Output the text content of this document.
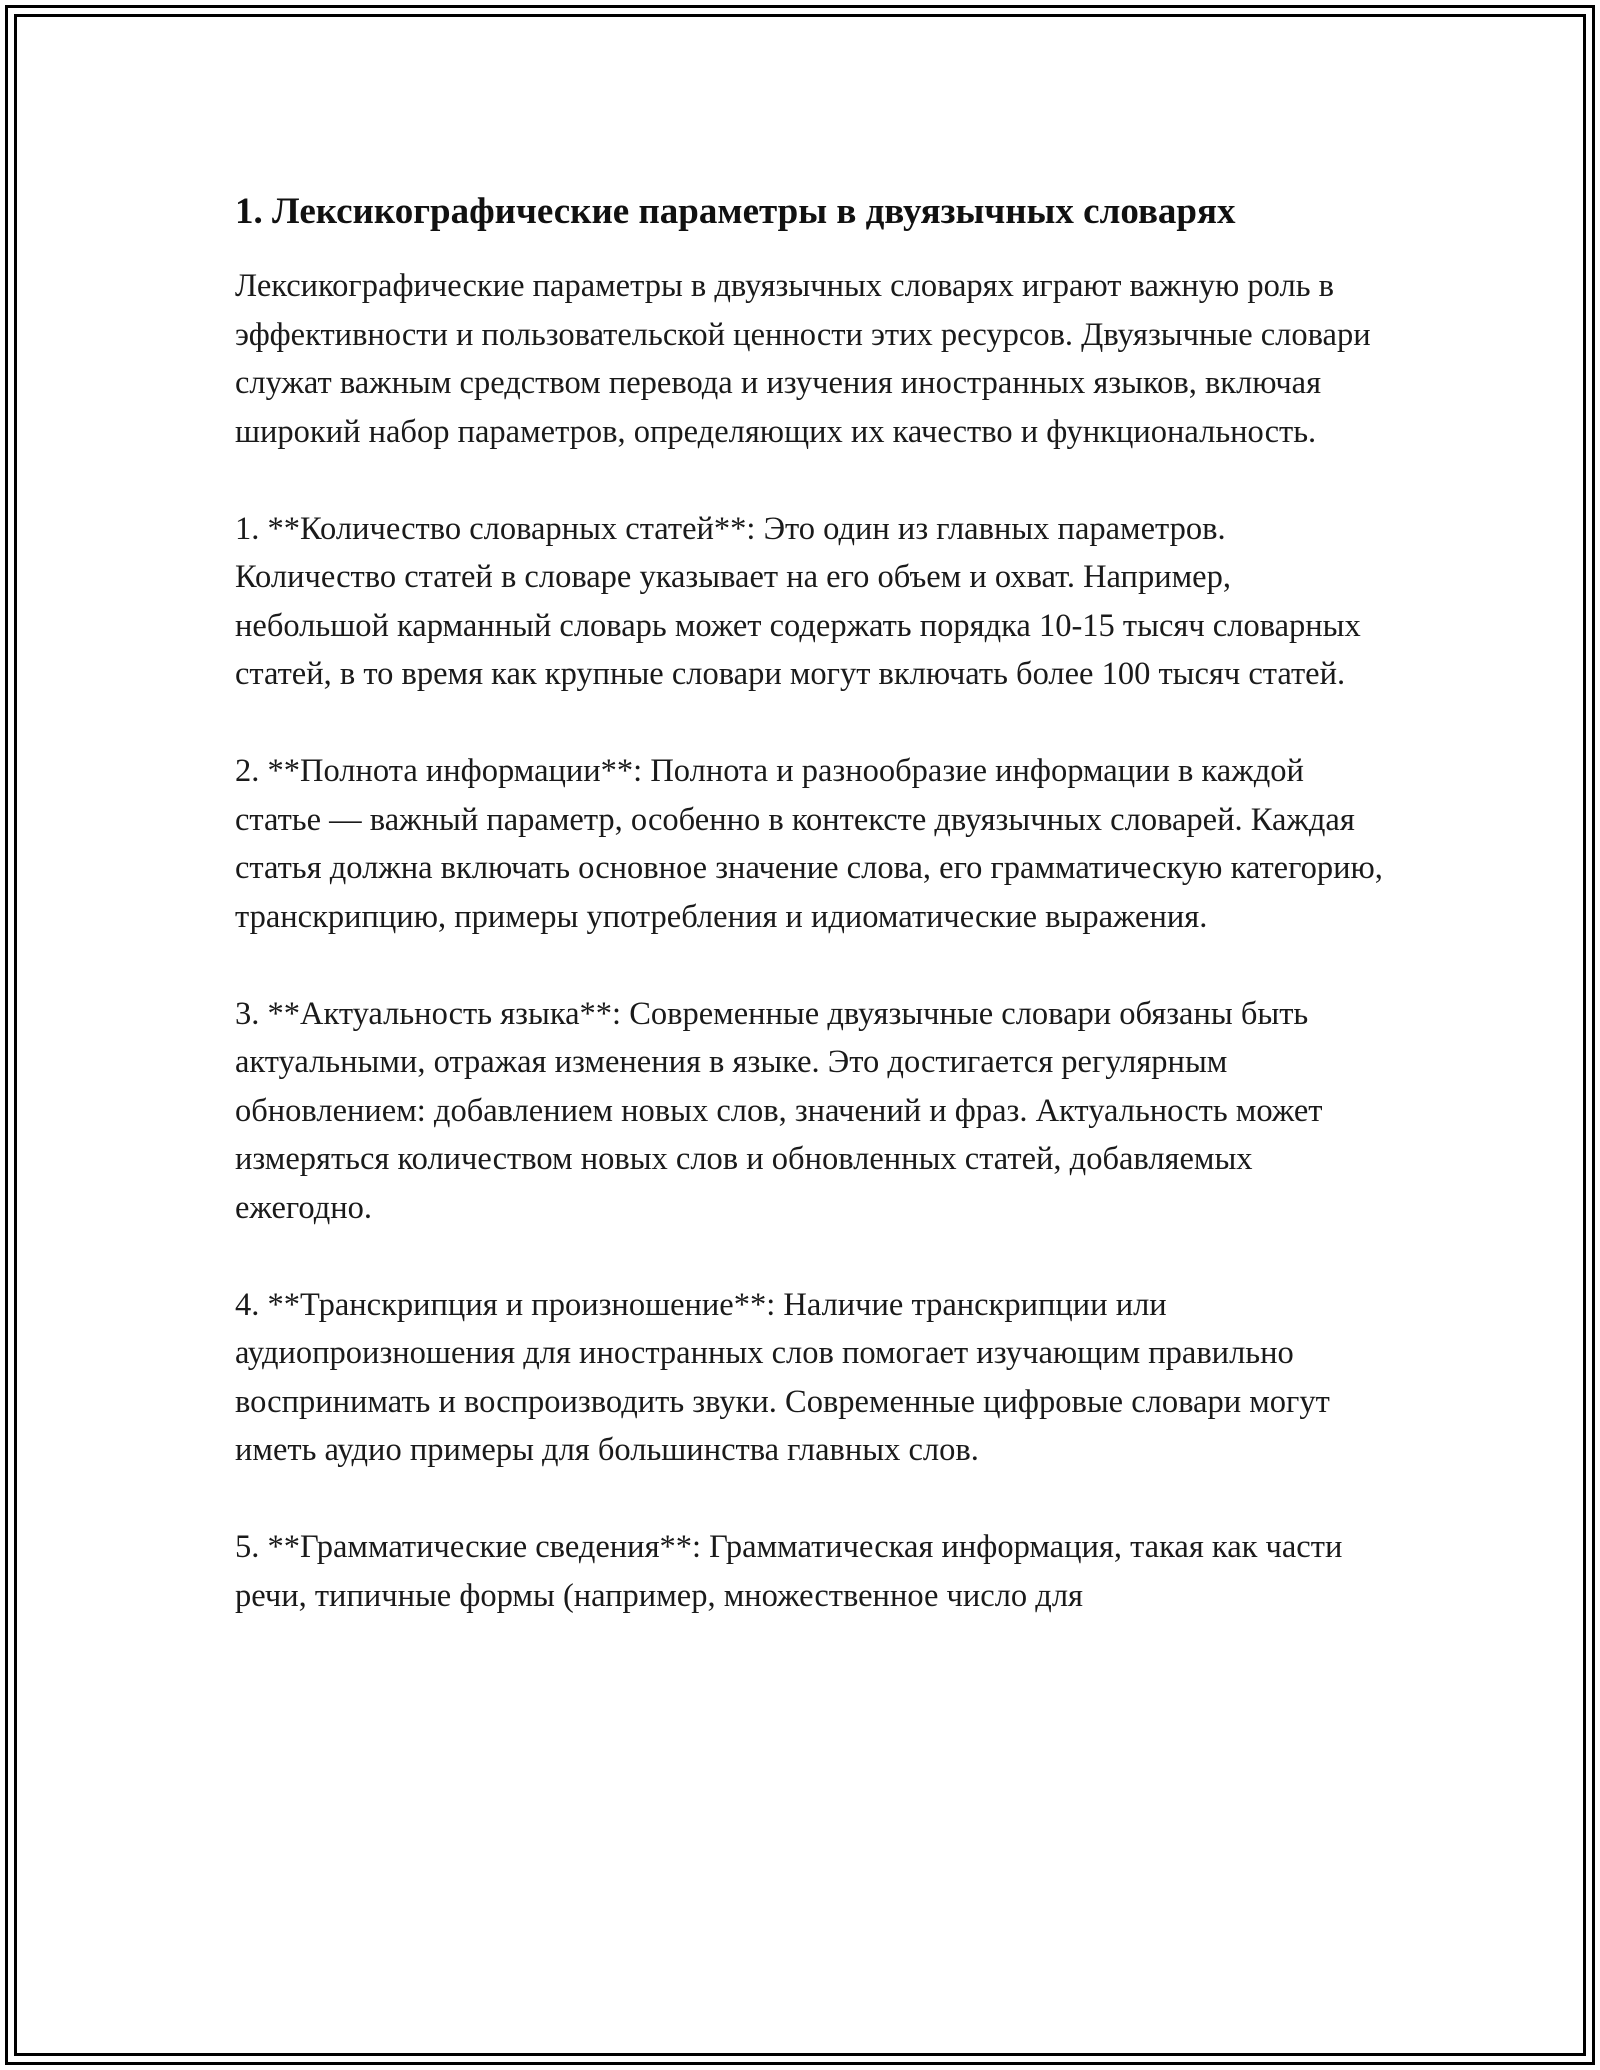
1. Лексикографические параметры в двуязычных словарях

Лексикографические параметры в двуязычных словарях играют важную роль в эффективности и пользовательской ценности этих ресурсов. Двуязычные словари служат важным средством перевода и изучения иностранных языков, включая широкий набор параметров, определяющих их качество и функциональность.

1. **Количество словарных статей**: Это один из главных параметров. Количество статей в словаре указывает на его объем и охват. Например, небольшой карманный словарь может содержать порядка 10-15 тысяч словарных статей, в то время как крупные словари могут включать более 100 тысяч статей.

2. **Полнота информации**: Полнота и разнообразие информации в каждой статье — важный параметр, особенно в контексте двуязычных словарей. Каждая статья должна включать основное значение слова, его грамматическую категорию, транскрипцию, примеры употребления и идиоматические выражения.

3. **Актуальность языка**: Современные двуязычные словари обязаны быть актуальными, отражая изменения в языке. Это достигается регулярным обновлением: добавлением новых слов, значений и фраз. Актуальность может измеряться количеством новых слов и обновленных статей, добавляемых ежегодно.

4. **Транскрипция и произношение**: Наличие транскрипции или аудиопроизношения для иностранных слов помогает изучающим правильно воспринимать и воспроизводить звуки. Современные цифровые словари могут иметь аудио примеры для большинства главных слов.

5. **Грамматические сведения**: Грамматическая информация, такая как части речи, типичные формы (например, множественное число для
